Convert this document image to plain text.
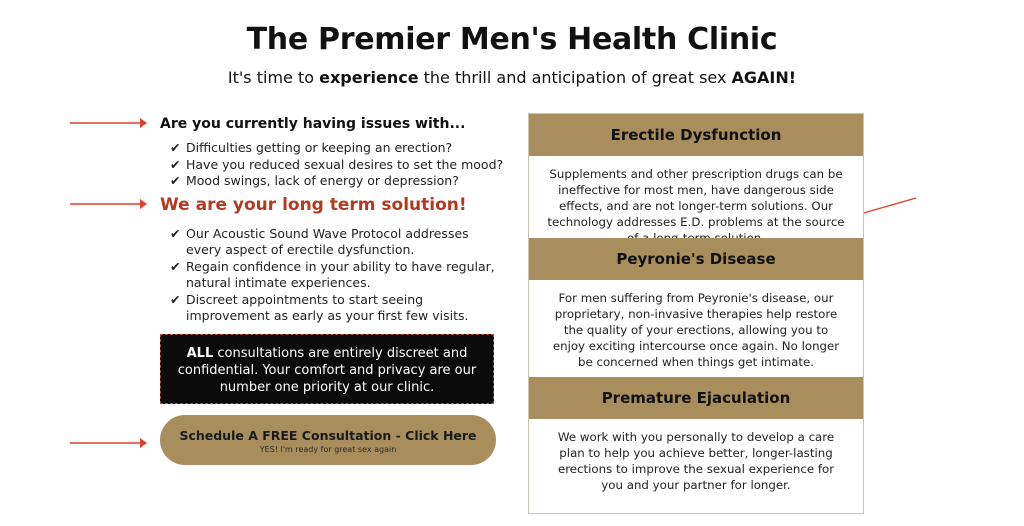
The Premier Men's Health Clinic
It's time to experience the thrill and anticipation of great sex AGAIN!
Are you currently having issues with...
✔ Difficulties getting or keeping an erection?
✔ Have you reduced sexual desires to set the mood?
✔ Mood swings, lack of energy or depression?
We are your long term solution!
✔ Our Acoustic Sound Wave Protocol addresses every aspect of erectile dysfunction.
✔ Regain confidence in your ability to have regular, natural intimate experiences.
✔ Discreet appointments to start seeing improvement as early as your first few visits.
ALL consultations are entirely discreet and confidential. Your comfort and privacy are our number one priority at our clinic.
Schedule A FREE Consultation - Click Here
YES! I'm ready for great sex again
Erectile Dysfunction
Supplements and other prescription drugs can be ineffective for most men, have dangerous side effects, and are not longer-term solutions. Our technology addresses E.D. problems at the source
Peyronie's Disease
For men suffering from Peyronie's disease, our proprietary, non-invasive therapies help restore the quality of your erections, allowing you to enjoy exciting intercourse once again. No longer be concerned when things get intimate.
Premature Ejaculation
We work with you personally to develop a care plan to help you achieve better, longer-lasting erections to improve the sexual experience for you and your partner for longer.
